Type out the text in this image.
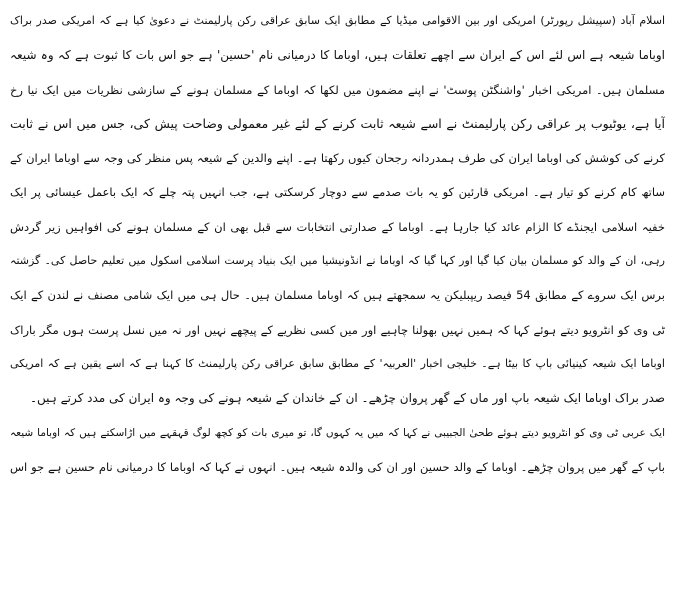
اسلام آباد (سپیشل رپورٹر) امریکی اور بین الاقوامی میڈیا کے مطابق ایک سابق عراقی رکن پارلیمنٹ نے دعویٰ کیا ہے کہ امریکی صدر براک
اوباما شیعہ ہے اس لئے اس کے ایران سے اچھے تعلقات ہیں، اوباما کا درمیانی نام 'حسین' ہے جو اس بات کا ثبوت ہے کہ وہ شیعہ
مسلمان ہیں۔ امریکی اخبار 'واشنگٹن پوسٹ' نے اپنے مضمون میں لکھا کہ اوباما کے مسلمان ہونے کے سازشی نظریات میں ایک نیا رخ
آیا ہے، یوٹیوب پر عراقی رکن پارلیمنٹ نے اسے شیعہ ثابت کرنے کے لئے غیر معمولی وضاحت پیش کی، جس میں اس نے ثابت
کرنے کی کوشش کی اوباما ایران کی طرف ہمدردانہ رجحان کیوں رکھتا ہے۔ اپنے والدین کے شیعہ پس منظر کی وجہ سے اوباما ایران کے
ساتھ کام کرنے کو تیار ہے۔ امریکی قارئین کو یہ بات صدمے سے دوچار کرسکتی ہے، جب انہیں پتہ چلے کہ ایک باعمل عیسائی پر ایک
خفیہ اسلامی ایجنڈے کا الزام عائد کیا جارہا ہے۔ اوباما کے صدارتی انتخابات سے قبل بھی ان کے مسلمان ہونے کی افواہیں زیر گردش
رہی، ان کے والد کو مسلمان بیان کیا گیا اور کہا گیا کہ اوباما نے انڈونیشیا میں ایک بنیاد پرست اسلامی اسکول میں تعلیم حاصل کی۔ گزشتہ
برس ایک سروے کے مطابق 54 فیصد ریپبلیکن یہ سمجھتے ہیں کہ اوباما مسلمان ہیں۔ حال ہی میں ایک شامی مصنف نے لندن کے ایک
ٹی وی کو انٹرویو دیتے ہوئے کہا کہ ہمیں نہیں بھولنا چاہیے اور میں کسی نظریے کے پیچھے نہیں اور نہ میں نسل پرست ہوں مگر باراک
اوباما ایک شیعہ کینیائی باپ کا بیٹا ہے۔ خلیجی اخبار 'العربیہ' کے مطابق سابق عراقی رکن پارلیمنٹ کا کہنا ہے کہ اسے یقین ہے کہ امریکی
صدر براک اوباما ایک شیعہ باپ اور ماں کے گھر پروان چڑھے۔ ان کے خاندان کے شیعہ ہونے کی وجہ وہ ایران کی مدد کرتے ہیں۔
ایک عربی ٹی وی کو انٹرویو دیتے ہوئے طحیٰ الجبیبی نے کہا کہ میں یہ کہوں گا، تو میری بات کو کچھ لوگ قہقہے میں اڑاسکتے ہیں کہ اوباما شیعہ
باپ کے گھر میں پروان چڑھے۔ اوباما کے والد حسین اور ان کی والدہ شیعہ ہیں۔ انہوں نے کہا کہ اوباما کا درمیانی نام حسین ہے جو اس
